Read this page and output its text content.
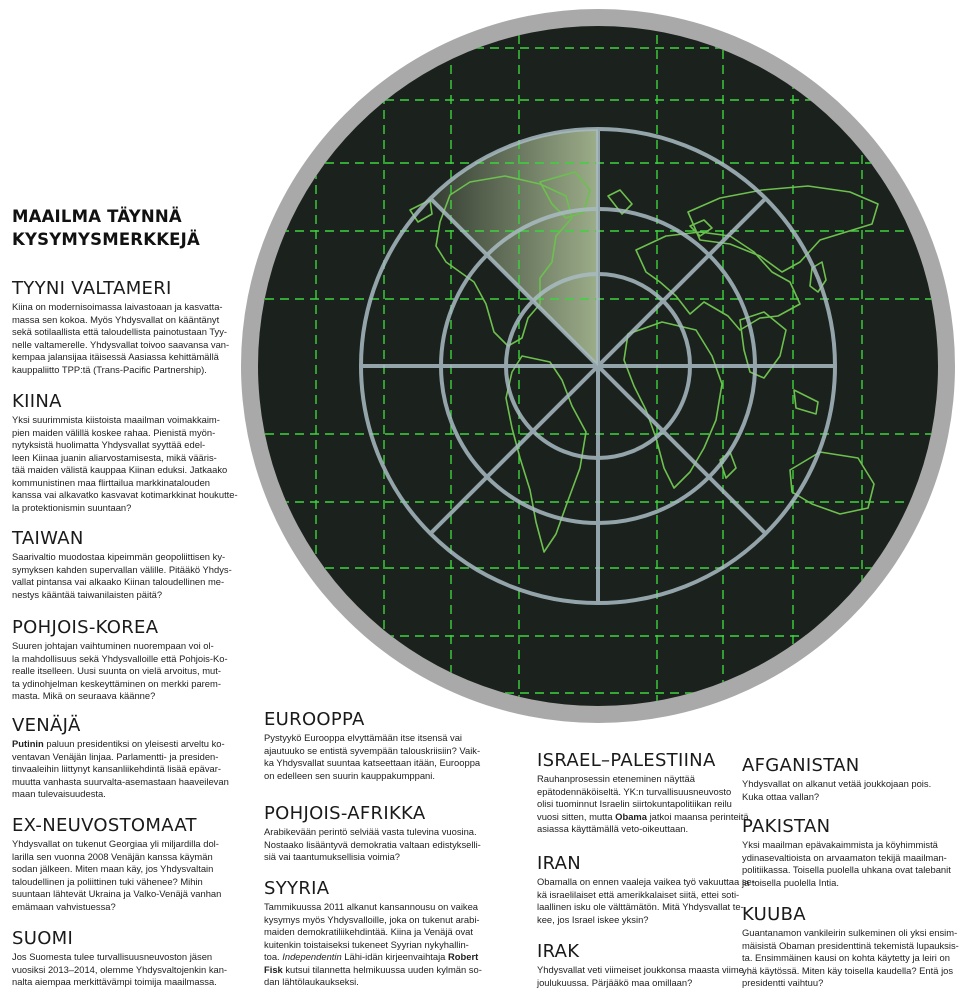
MAAILMA TÄYNNÄ
KYSYMYSMERKKEJÄ
TYYNI VALTAMERI

Kiina on modernisoimassa laivastoaan ja kasvatta-
massa sen kokoa. Myös Yhdysvallat on kääntänyt
sekä sotilaallista että taloudellista painotustaan Tyy-
nelle valtamerelle. Yhdysvallat toivoo saavansa van-
kempaa jalansijaa itäisessä Aasiassa kehittämällä
kauppaliitto TPP:tä (Trans-Pacific Partnership).

KIINA

Yksi suurimmista kiistoista maailman voimakkaim-
pien maiden välillä koskee rahaa. Pienistä myön-
nytyksistä huolimatta Yhdysvallat syyttää edel-
leen Kiinaa juanin aliarvostamisesta, mikä vääris-
tää maiden välistä kauppaa Kiinan eduksi. Jatkaako
kommunistinen maa flirttailua markkinatalouden
kanssa vai alkavatko kasvavat kotimarkkinat houkutte-
la protektionismin suuntaan?

TAIWAN

Saarivaltio muodostaa kipeimmän geopoliittisen ky-
symyksen kahden supervallan välille. Pitääkö Yhdys-
vallat pintansa vai alkaako Kiinan taloudellinen me-
nestys kääntää taiwanilaisten päitä?

POHJOIS-KOREA

Suuren johtajan vaihtuminen nuorempaan voi ol-
la mahdollisuus sekä Yhdysvalloille että Pohjois-Ko-
realle itselleen. Uusi suunta on vielä arvoitus, mut-
ta ydinohjelman keskeyttäminen on merkki parem-
masta. Mikä on seuraava käänne?

VENÄJÄ

Putinin paluun presidentiksi on yleisesti arveltu ko-
ventavan Venäjän linjaa. Parlamentti- ja presiden-
tinvaaleihin liittynyt kansanliikehdintä lisää epävar-
muutta vanhasta suurvalta-asemastaan haaveilevan
maan tulevaisuudesta.

EX-NEUVOSTOMAAT

Yhdysvallat on tukenut Georgiaa yli miljardilla dol-
larilla sen vuonna 2008 Venäjän kanssa käymän
sodan jälkeen. Miten maan käy, jos Yhdysvaltain
taloudellinen ja poliittinen tuki vähenee? Mihin
suuntaan lähtevät Ukraina ja Valko-Venäjä vanhan
emämaan vahvistuessa?

SUOMI

Jos Suomesta tulee turvallisuusneuvoston jäsen
vuosiksi 2013–2014, olemme Yhdysvaltojenkin kan-
nalta aiempaa merkittävämpi toimija maailmassa.

EUROOPPA

Pystyykö Eurooppa elvyttämään itse itsensä vai
ajautuuko se entistä syvempään talouskriisiin? Vaik-
ka Yhdysvallat suuntaa katseettaan itään, Eurooppa
on edelleen sen suurin kauppakumppani.

POHJOIS-AFRIKKA

Arabikevään perintö selviää vasta tulevina vuosina.
Nostaako lisääntyvä demokratia valtaan edistykselli-
siä vai taantumuksellisia voimia?

SYYRIA

Tammikuussa 2011 alkanut kansannousu on vaikea
kysymys myös Yhdysvalloille, joka on tukenut arabi-
maiden demokratiliikehdintää. Kiina ja Venäjä ovat
kuitenkin toistaiseksi tukeneet Syyrian nykyhallin-
toa. Independentin Lähi-idän kirjeenvaihtaja Robert
Fisk kutsui tilannetta helmikuussa uuden kylmän so-
dan lähtölaukaukseksi.

ISRAEL–PALESTIINA

Rauhanprosessin eteneminen näyttää
epätodennäköiseltä. YK:n turvallisuusneuvosto
olisi tuominnut Israelin siirtokuntapolitiikan reilu
vuosi sitten, mutta Obama jatkoi maansa perinteitä
asiassa käyttämällä veto-oikeuttaan.

IRAN

Obamalla on ennen vaaleja vaikea työ vakuuttaa se-
kä israelilaiset että amerikkalaiset siitä, ettei soti-
laallinen isku ole välttämätön. Mitä Yhdysvallat te-
kee, jos Israel iskee yksin?

IRAK

Yhdysvallat veti viimeiset joukkonsa maasta viime
joulukuussa. Pärjääkö maa omillaan?

AFGANISTAN

Yhdysvallat on alkanut vetää joukkojaan pois.
Kuka ottaa vallan?

PAKISTAN

Yksi maailman epävakaimmista ja köyhimmistä
ydinasevaltioista on arvaamaton tekijä maailman-
politiikassa. Toisella puolella uhkana ovat talebanit
ja toisella puolella Intia.

KUUBA

Guantanamon vankileirin sulkeminen oli yksi ensim-
mäisistä Obaman presidenttinä tekemistä lupauksis-
ta. Ensimmäinen kausi on kohta käytetty ja leiri on
yhä käytössä. Miten käy toisella kaudella? Entä jos
presidentti vaihtuu?
